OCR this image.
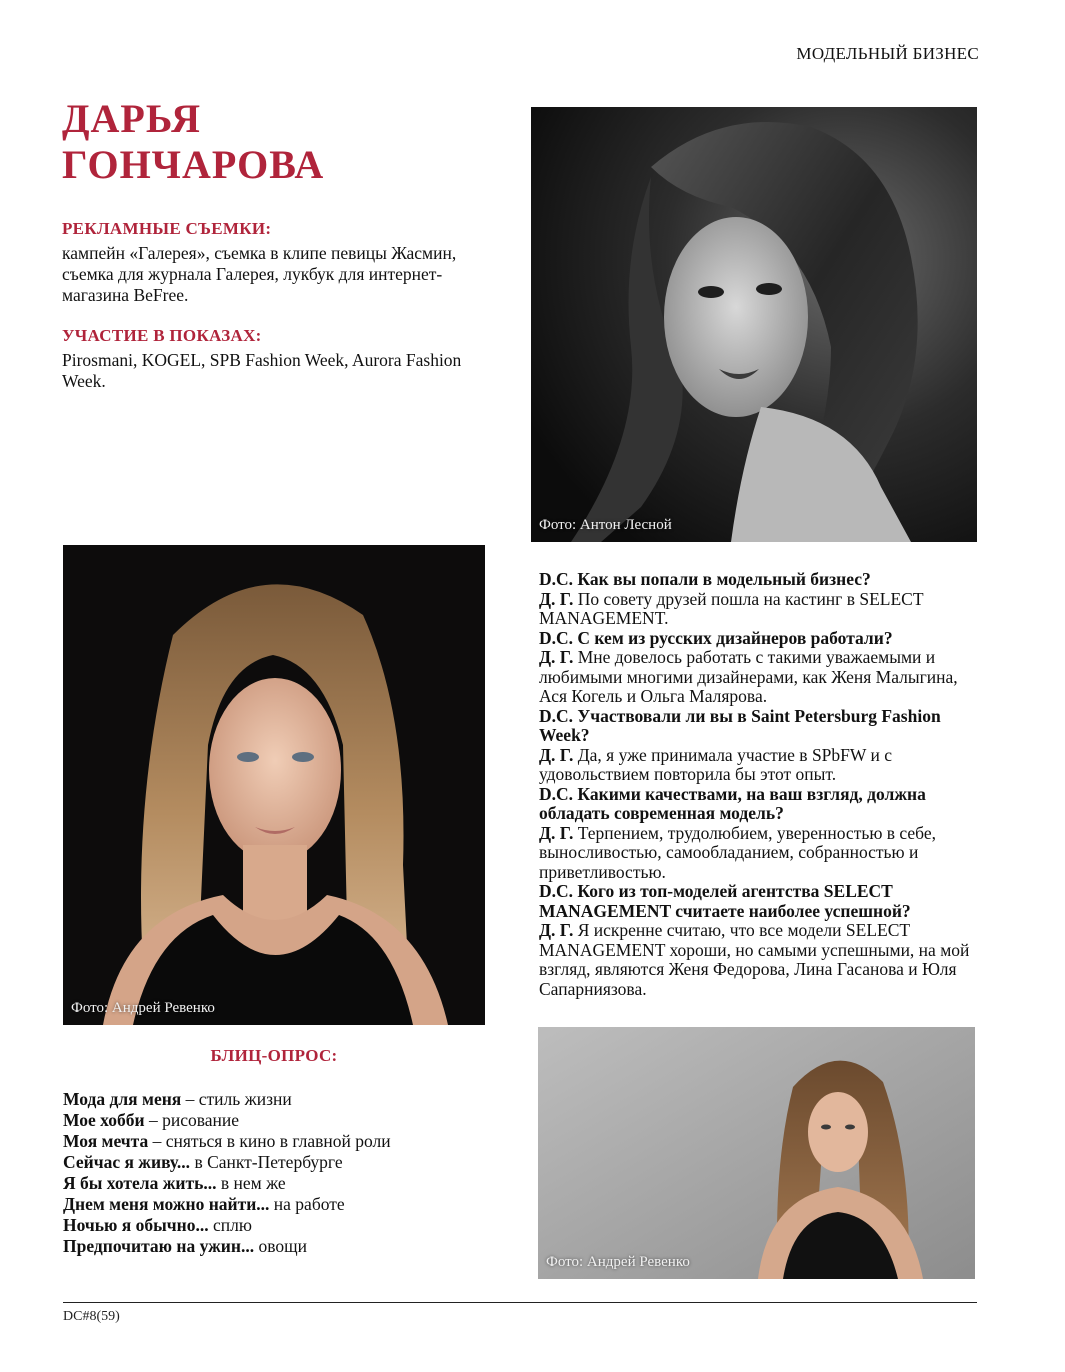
МОДЕЛЬНЫЙ БИЗНЕС
ДАРЬЯ
ГОНЧАРОВА
РЕКЛАМНЫЕ СЪЕМКИ:
кампейн «Галерея», съемка в клипе певицы Жасмин, съемка для журнала Галерея, лукбук для интернет-магазина BeFree.
УЧАСТИЕ В ПОКАЗАХ:
Pirosmani, KOGEL, SPB Fashion Week, Aurora Fashion Week.
Фото: Антон Лесной
Фото: Андрей Ревенко
D.C. Как вы попали в модельный бизнес?
Д. Г. По совету друзей пошла на кастинг в SELECT MANAGEMENT.
D.C. С кем из русских дизайнеров работали?
Д. Г. Мне довелось работать с такими уважаемыми и любимыми многими дизайнерами, как Женя Малыгина, Ася Когель и Ольга Малярова.
D.C. Участвовали ли вы в Saint Petersburg Fashion Week?
Д. Г. Да, я уже принимала участие в SPbFW и с удовольствием повторила бы этот опыт.
D.C. Какими качествами, на ваш взгляд, должна обладать современная модель?
Д. Г. Терпением, трудолюбием, уверенностью в себе, выносливостью, самообладанием, собранностью и приветливостью.
D.C. Кого из топ-моделей агентства SELECT MANAGEMENT считаете наиболее успешной?
Д. Г. Я искренне считаю, что все модели SELECT MANAGEMENT хороши, но самыми успешными, на мой взгляд, являются Женя Федорова, Лина Гасанова и Юля Сапарниязова.
БЛИЦ-ОПРОС:
Мода для меня – стиль жизни
Мое хобби – рисование
Моя мечта – сняться в кино в главной роли
Сейчас я живу... в Санкт-Петербурге
Я бы хотела жить... в нем же
Днем меня можно найти... на работе
Ночью я обычно... сплю
Предпочитаю на ужин... овощи
Фото: Андрей Ревенко
DC#8(59)
